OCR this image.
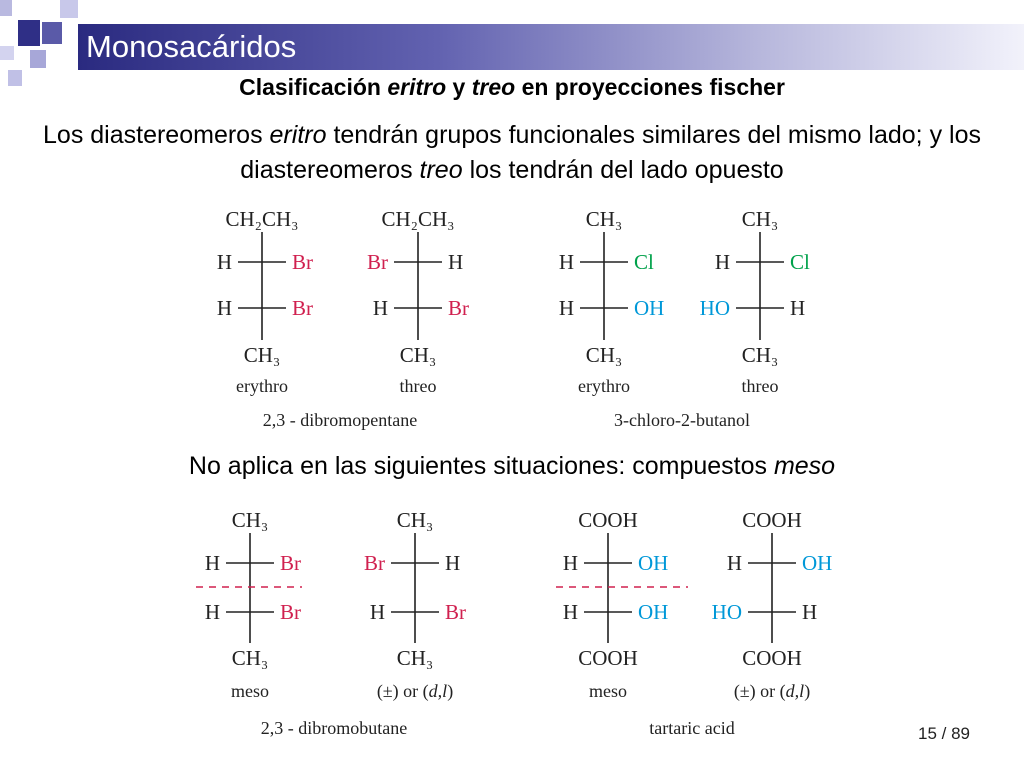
Monosacáridos
Clasificación eritro y treo en proyecciones fischer
Los diastereomeros eritro tendrán grupos funcionales similares del mismo lado; y los diastereomeros treo los tendrán del lado opuesto
No aplica en las siguientes situaciones: compuestos meso
CH₂CH₃
CH₃
H	Br
H	Br
erythro
CH₂CH₃
CH₃
Br	H
H	Br
threo
CH₃
CH₃
H	Cl
H	OH
erythro
CH₃
CH₃
H	Cl
HO	H
threo
2,3 - dibromopentane	3-chloro-2-butanol
CH₃
CH₃
H	Br
H	Br
meso
CH₃
CH₃
Br	H
H	Br
(±) or (d,l)
COOH
COOH
H	OH
H	OH
meso
COOH
COOH
H	OH
HO	H
(±) or (d,l)
2,3 - dibromobutane	tartaric acid	15 / 89
